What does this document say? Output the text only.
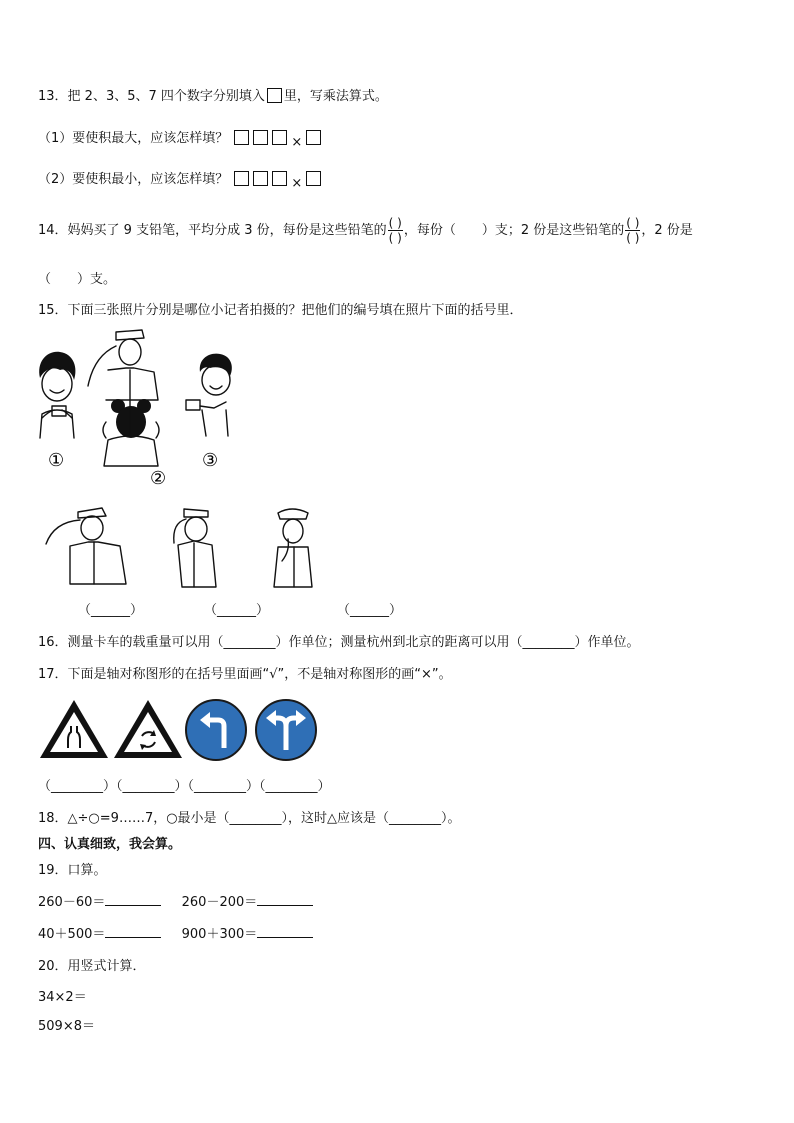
13．把 2、3、5、7 四个数字分别填入 里，写乘法算式。
（1）要使积最大，应该怎样填？	×
（2）要使积最小，应该怎样填？	×
14．妈妈买了 9 支铅笔，平均分成 3 份，每份是这些铅笔的 $\frac{( )}{( )}$ ，每份（　　）支；2 份是这些铅笔的 $\frac{( )}{( )}$ ，2 份是
（　　）支。
15．下面三张照片分别是哪位小记者拍摄的？把他们的编号填在照片下面的括号里．
①
②
③
（______）	（______）	（______）
16．测量卡车的载重量可以用（________）作单位；测量杭州到北京的距离可以用（________）作单位。
17．下面是轴对称图形的在括号里面画“√”，不是轴对称图形的画“×”。
（________）（________）（________）（________）
18．△÷○=9……7，○最小是（________），这时△应该是（________）。
四、认真细致，我会算。
19．口算。
260－60＝	260－200＝
40＋500＝	900＋300＝
20．用竖式计算．
34×2＝
509×8＝
